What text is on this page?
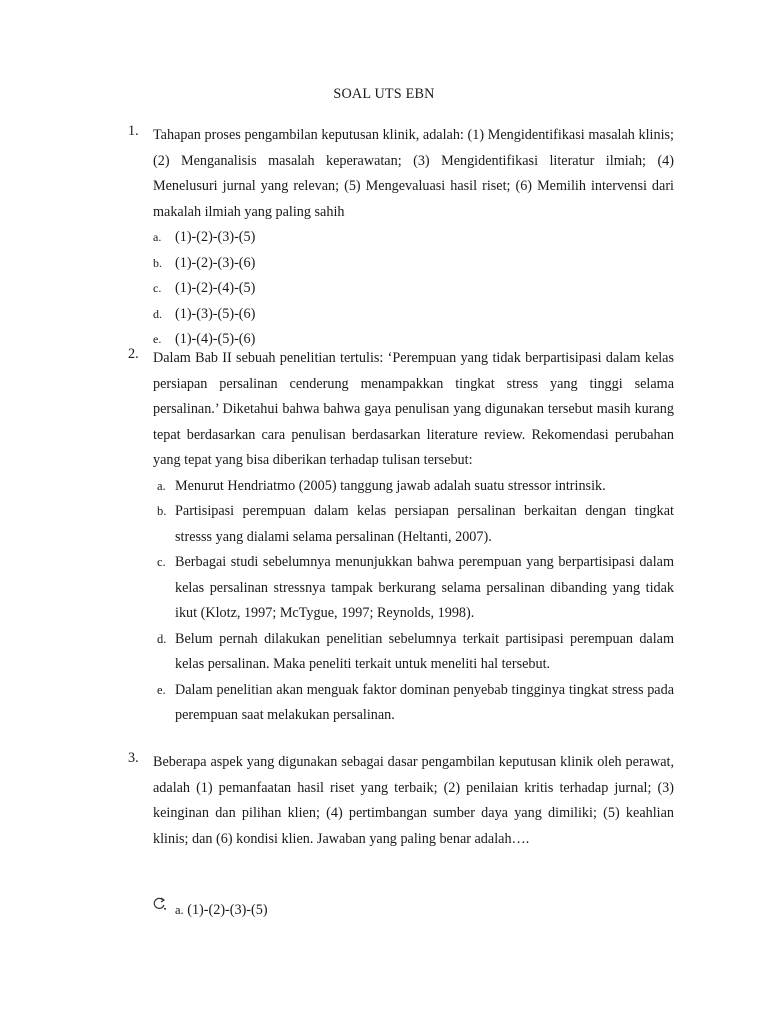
SOAL UTS EBN
1. Tahapan proses pengambilan keputusan klinik, adalah: (1) Mengidentifikasi masalah klinis; (2) Menganalisis masalah keperawatan; (3) Mengidentifikasi literatur ilmiah; (4) Menelusuri jurnal yang relevan; (5) Mengevaluasi hasil riset; (6) Memilih intervensi dari makalah ilmiah yang paling sahih
a. (1)-(2)-(3)-(5)
b. (1)-(2)-(3)-(6)
c. (1)-(2)-(4)-(5)
d. (1)-(3)-(5)-(6)
e. (1)-(4)-(5)-(6)
2. Dalam Bab II sebuah penelitian tertulis: ‘Perempuan yang tidak berpartisipasi dalam kelas persiapan persalinan cenderung menampakkan tingkat stress yang tinggi selama persalinan.’ Diketahui bahwa bahwa gaya penulisan yang digunakan tersebut masih kurang tepat berdasarkan cara penulisan berdasarkan literature review. Rekomendasi perubahan yang tepat yang bisa diberikan terhadap tulisan tersebut:
a. Menurut Hendriatmo (2005) tanggung jawab adalah suatu stressor intrinsik.
b. Partisipasi perempuan dalam kelas persiapan persalinan berkaitan dengan tingkat stresss yang dialami selama persalinan (Heltanti, 2007).
c. Berbagai studi sebelumnya menunjukkan bahwa perempuan yang berpartisipasi dalam kelas persalinan stressnya tampak berkurang selama persalinan dibanding yang tidak ikut (Klotz, 1997; McTygue, 1997; Reynolds, 1998).
d. Belum pernah dilakukan penelitian sebelumnya terkait partisipasi perempuan dalam kelas persalinan. Maka peneliti terkait untuk meneliti hal tersebut.
e. Dalam penelitian akan menguak faktor dominan penyebab tingginya tingkat stress pada perempuan saat melakukan persalinan.
3. Beberapa aspek yang digunakan sebagai dasar pengambilan keputusan klinik oleh perawat, adalah (1) pemanfaatan hasil riset yang terbaik; (2) penilaian kritis terhadap jurnal; (3) keinginan dan pilihan klien; (4) pertimbangan sumber daya yang dimiliki; (5) keahlian klinis; dan (6) kondisi klien. Jawaban yang paling benar adalah….
a. (1)-(2)-(3)-(5)
